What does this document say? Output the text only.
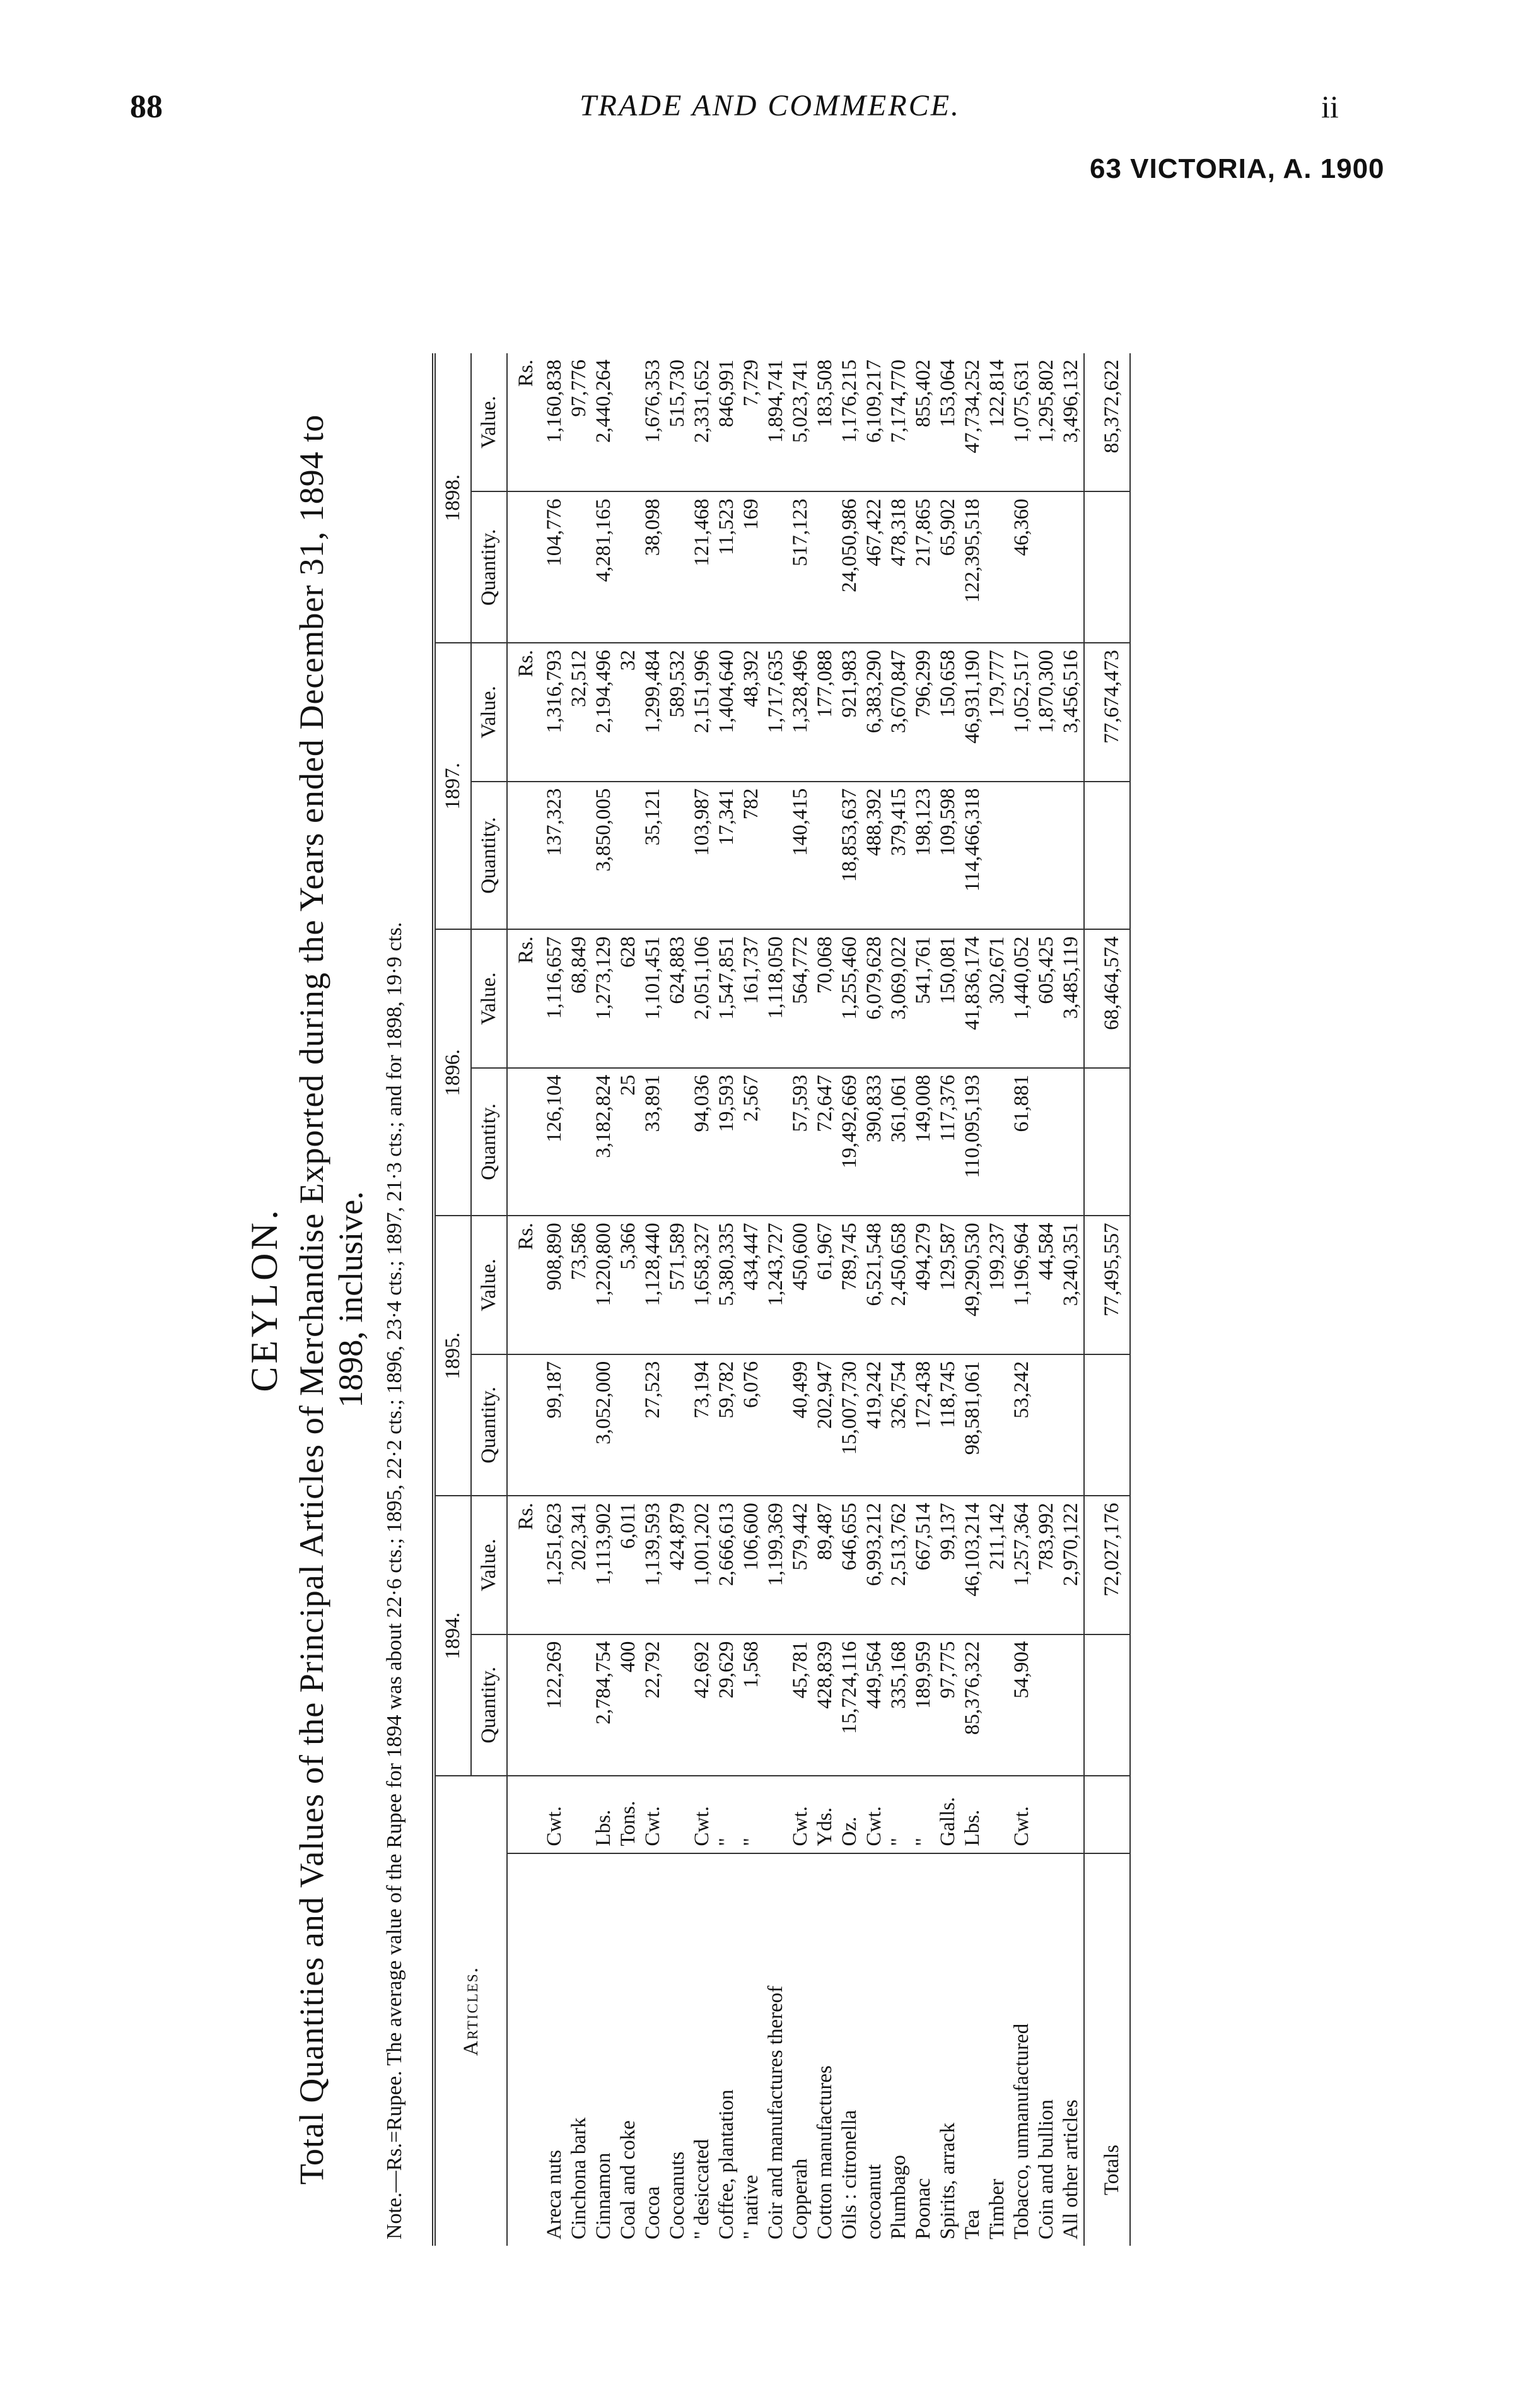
88	TRADE AND COMMERCE.	ii
63 VICTORIA, A. 1900
CEYLON. Total Quantities and Values of the Principal Articles of Merchandise Exported during the Years ended December 31, 1894 to 1898, inclusive. Note.—Rs.=Rupee. The average value of the Rupee for 1894 was about 22·6 cts.; 1895, 22·2 cts.; 1896, 23·4 cts.; 1897, 21·3 cts.; and for 1898, 19·9 cts.	Articles.		1894.		1895.		1896.		1897.		1898.	
		Quantity.	Value.	Quantity.	Value.	Quantity.	Value.	Quantity.	Value.	Quantity.	Value.
			Rs.		Rs.		Rs.		Rs.		Rs.
Areca nuts	Cwt.	122,269	1,251,623	99,187	908,890	126,104	1,116,657	137,323	1,316,793	104,776	1,160,838
Cinchona bark			202,341		73,586		68,849		32,512		97,776
Cinnamon	Lbs.	2,784,754	1,113,902	3,052,000	1,220,800	3,182,824	1,273,129	3,850,005	2,194,496	4,281,165	2,440,264
Coal and coke	Tons.	400	6,011		5,366	25	628		32		
Cocoa	Cwt.	22,792	1,139,593	27,523	1,128,440	33,891	1,101,451	35,121	1,299,484	38,098	1,676,353
Cocoanuts			424,879		571,589		624,883		589,532		515,730
" desiccated	Cwt.	42,692	1,001,202	73,194	1,658,327	94,036	2,051,106	103,987	2,151,996	121,468	2,331,652
Coffee, plantation	"	29,629	2,666,613	59,782	5,380,335	19,593	1,547,851	17,341	1,404,640	11,523	846,991
" native	"	1,568	106,600	6,076	434,447	2,567	161,737	782	48,392	169	7,729
Coir and manufactures thereof			1,199,369		1,243,727		1,118,050		1,717,635		1,894,741
Copperah	Cwt.	45,781	579,442	40,499	450,600	57,593	564,772	140,415	1,328,496	517,123	5,023,741
Cotton manufactures	Yds.	428,839	89,487	202,947	61,967	72,647	70,068		177,088		183,508
Oils : citronella	Oz.	15,724,116	646,655	15,007,730	789,745	19,492,669	1,255,460	18,853,637	921,983	24,050,986	1,176,215
cocoanut	Cwt.	449,564	6,993,212	419,242	6,521,548	390,833	6,079,628	488,392	6,383,290	467,422	6,109,217
Plumbago	"	335,168	2,513,762	326,754	2,450,658	361,061	3,069,022	379,415	3,670,847	478,318	7,174,770
Poonac	"	189,959	667,514	172,438	494,279	149,008	541,761	198,123	796,299	217,865	855,402
Spirits, arrack	Galls.	97,775	99,137	118,745	129,587	117,376	150,081	109,598	150,658	65,902	153,064
Tea	Lbs.	85,376,322	46,103,214	98,581,061	49,290,530	110,095,193	41,836,174	114,466,318	46,931,190	122,395,518	47,734,252
Timber			211,142		199,237		302,671		179,777		122,814
Tobacco, unmanufactured	Cwt.	54,904	1,257,364	53,242	1,196,964	61,881	1,440,052		1,052,517	46,360	1,075,631
Coin and bullion			783,992		44,584		605,425		1,870,300		1,295,802
All other articles			2,970,122		3,240,351		3,485,119		3,456,516		3,496,132
Totals			72,027,176		77,495,557		68,464,574		77,674,473		85,372,622
